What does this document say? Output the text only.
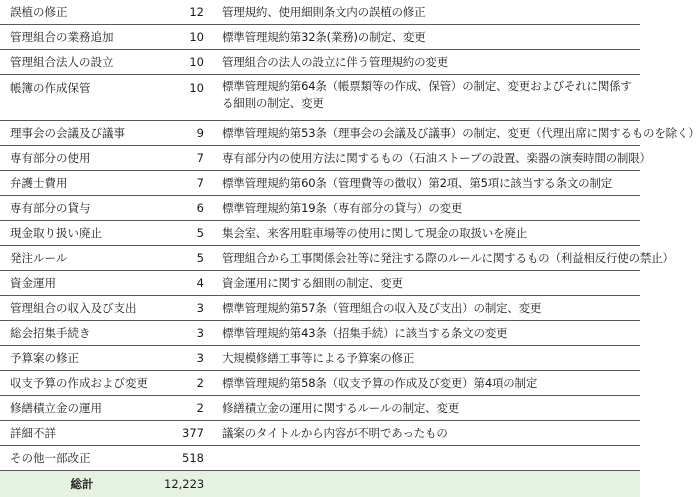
誤植の修正	12		管理規約、使用細則条文内の誤植の修正
管理組合の業務追加	10		標準管理規約第32条(業務)の制定、変更
管理組合法人の設立	10		管理組合の法人の設立に伴う管理規約の変更
帳簿の作成保管	10		標準管理規約第64条（帳票類等の作成、保管）の制定、変更およびそれに関係する細則の制定、変更
理事会の会議及び議事	9		標準管理規約第53条（理事会の会議及び議事）の制定、変更（代理出席に関するものを除く）
専有部分の使用	7		専有部分内の使用方法に関するもの（石油ストーブの設置、楽器の演奏時間の制限）
弁護士費用	7		標準管理規約第60条（管理費等の徴収）第2項、第5項に該当する条文の制定
専有部分の貸与	6		標準管理規約第19条（専有部分の貸与）の変更
現金取り扱い廃止	5		集会室、来客用駐車場等の使用に関して現金の取扱いを廃止
発注ルール	5		管理組合から工事関係会社等に発注する際のルールに関するもの（利益相反行使の禁止）
資金運用	4		資金運用に関する細則の制定、変更
管理組合の収入及び支出	3		標準管理規約第57条（管理組合の収入及び支出）の制定、変更
総会招集手続き	3		標準管理規約第43条（招集手続）に該当する条文の変更
予算案の修正	3		大規模修繕工事等による予算案の修正
収支予算の作成および変更	2		標準管理規約第58条（収支予算の作成及び変更）第4項の制定
修繕積立金の運用	2		修繕積立金の運用に関するルールの制定、変更
詳細不詳	377		議案のタイトルから内容が不明であったもの
その他一部改正	518		
総計	12,223		
